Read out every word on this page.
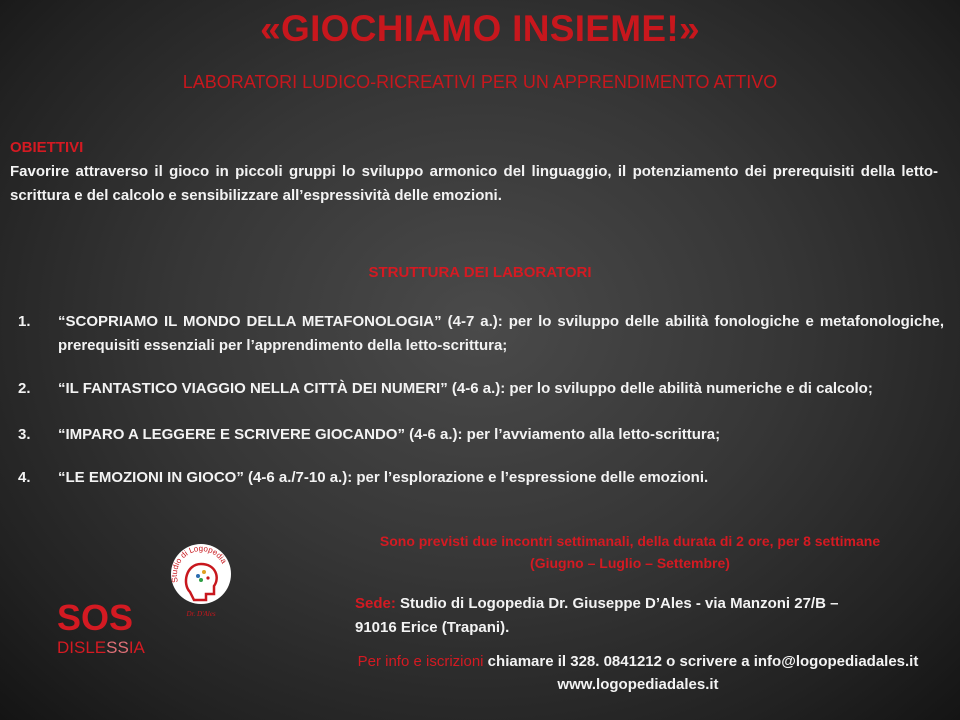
«GIOCHIAMO INSIEME!»
LABORATORI LUDICO-RICREATIVI PER UN APPRENDIMENTO ATTIVO
OBIETTIVI
Favorire attraverso il gioco in piccoli gruppi lo sviluppo armonico del linguaggio, il potenziamento dei prerequisiti della letto-scrittura e del calcolo e sensibilizzare all’espressività delle emozioni.
STRUTTURA DEI LABORATORI
1. “SCOPRIAMO IL MONDO DELLA METAFONOLOGIA” (4-7 a.): per lo sviluppo delle abilità fonologiche e metafonologiche, prerequisiti essenziali per l’apprendimento della letto-scrittura;
2. “IL FANTASTICO VIAGGIO NELLA CITTÀ DEI NUMERI” (4-6 a.): per lo sviluppo delle abilità numeriche e di calcolo;
3. “IMPARO A LEGGERE E SCRIVERE GIOCANDO” (4-6 a.): per l’avviamento alla letto-scrittura;
4. “LE EMOZIONI IN GIOCO” (4-6 a./7-10 a.): per l’esplorazione e l’espressione delle emozioni.
Sono previsti due incontri settimanali, della durata di 2 ore, per 8 settimane
(Giugno – Luglio – Settembre)
Sede: Studio di Logopedia Dr. Giuseppe D’Ales - via Manzoni 27/B –
91016 Erice (Trapani).
Per info e iscrizioni chiamare il 328. 0841212 o scrivere a info@logopediadales.it
www.logopediadales.it
SOS
DISLESSIA
Studio di Logopedia
Dr. D'Ales
